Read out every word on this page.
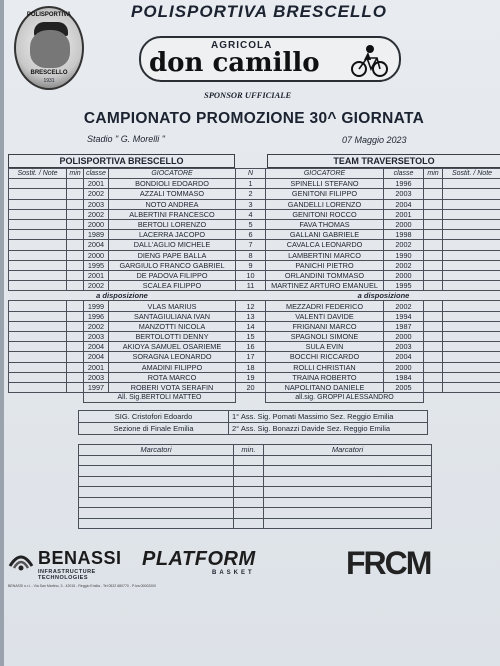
POLISPORTIVA
BRESCELLO
1931
POLISPORTIVA BRESCELLO
AGRICOLA
don camillo
SPONSOR UFFICIALE
CAMPIONATO PROMOZIONE 30^ GIORNATA
Stadio " G. Morelli "	07 Maggio 2023
POLISPORTIVA BRESCELLO	TEAM TRAVERSETOLO
Sostit. / Note	min	classe	GIOCATORE	N	GIOCATORE	classe	min	Sostit. / Note
		2001	BONDIOLI EDOARDO	1	SPINELLI STEFANO	1996		
		2002	AZZALI TOMMASO	2	GENITONI FILIPPO	2003		
		2003	NOTO ANDREA	3	GANDELLI LORENZO	2004		
		2002	ALBERTINI FRANCESCO	4	GENITONI ROCCO	2001		
		2000	BERTOLI LORENZO	5	FAVA THOMAS	2000		
		1989	LACERRA JACOPO	6	GALLANI GABRIELE	1998		
		2004	DALL'AGLIO MICHELE	7	CAVALCA LEONARDO	2002		
		2000	DIENG PAPE BALLA	8	LAMBERTINI MARCO	1990		
		1995	GARGIULO FRANCO GABRIEL	9	PANICHI PIETRO	2002		
		2001	DE PADOVA FILIPPO	10	ORLANDINI TOMMASO	2000		
		2002	SCALEA FILIPPO	11	MARTINEZ ARTURO EMANUEL	1995		
a disposizione					a disposizione			
		1999	VLAS MARIUS	12	MEZZADRI FEDERICO	2002		
		1996	SANTAGIULIANA IVAN	13	VALENTI DAVIDE	1994		
		2002	MANZOTTI NICOLA	14	FRIGNANI MARCO	1987		
		2003	BERTOLOTTI DENNY	15	SPAGNOLI SIMONE	2000		
		2004	AKIOYA SAMUEL OSARIEME	16	SULA EVIN	2003		
		2004	SORAGNA LEONARDO	17	BOCCHI RICCARDO	2004		
		2001	AMADINI FILIPPO	18	ROLLI CHRISTIAN	2000		
		2003	ROTA MARCO	19	TRAINA ROBERTO	1984		
		1997	ROBERI VOTA SERAFIN	20	NAPOLITANO DANIELE	2005		
		All. Sig.BERTOLI MATTEO			all.sig. GROPPI ALESSANDRO			
SIG. Cristofori Edoardo	1° Ass. Sig. Pomati Massimo Sez. Reggio Emilia
Sezione di Finale Emilia	2° Ass. Sig. Bonazzi Davide Sez. Reggio Emilia
Marcatori	min.	Marcatori

BENASSI
INFRASTRUCTURE TECHNOLOGIES
PLATFORM
BASKET	FRCM
BENASSI s.r.l. - Via San Martino, 3 - 42015 - Reggio Emilia - Tel 0522 680770 - P.Iva 00002000
